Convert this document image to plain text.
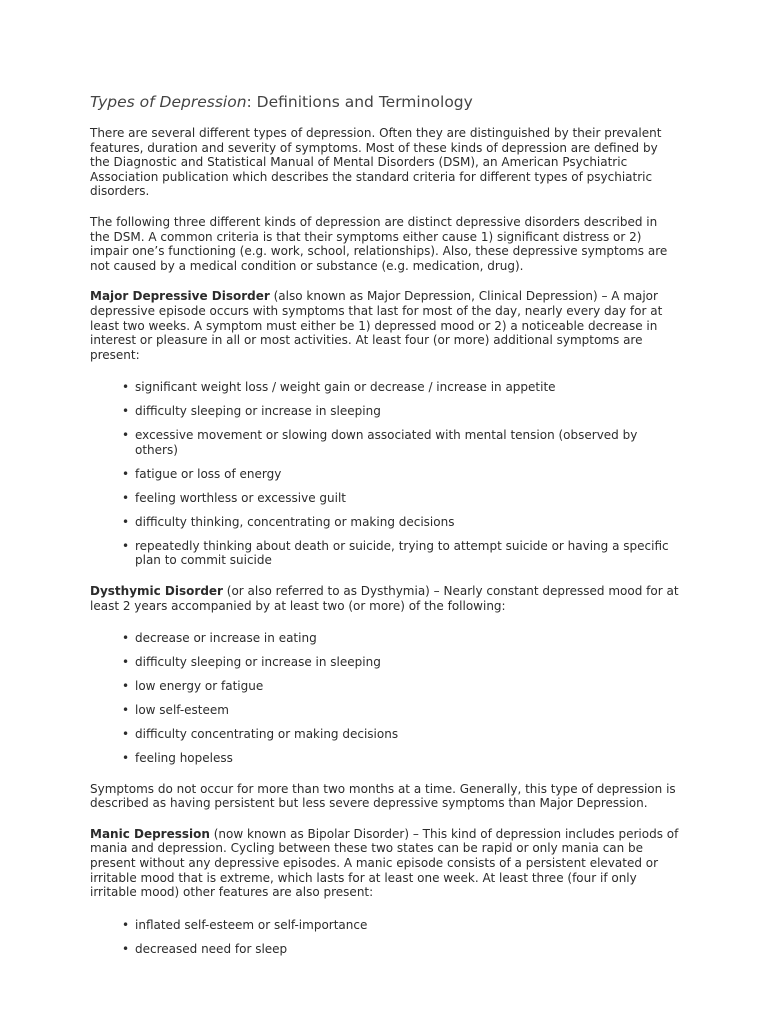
Types of Depression: Definitions and Terminology

There are several different types of depression. Often they are distinguished by their prevalent features, duration and severity of symptoms. Most of these kinds of depression are defined by the Diagnostic and Statistical Manual of Mental Disorders (DSM), an American Psychiatric Association publication which describes the standard criteria for different types of psychiatric disorders.

The following three different kinds of depression are distinct depressive disorders described in the DSM. A common criteria is that their symptoms either cause 1) significant distress or 2) impair one’s functioning (e.g. work, school, relationships). Also, these depressive symptoms are not caused by a medical condition or substance (e.g. medication, drug).

Major Depressive Disorder (also known as Major Depression, Clinical Depression) – A major depressive episode occurs with symptoms that last for most of the day, nearly every day for at least two weeks. A symptom must either be 1) depressed mood or 2) a noticeable decrease in interest or pleasure in all or most activities. At least four (or more) additional symptoms are present:

• significant weight loss / weight gain or decrease / increase in appetite
• difficulty sleeping or increase in sleeping
• excessive movement or slowing down associated with mental tension (observed by others)
• fatigue or loss of energy
• feeling worthless or excessive guilt
• difficulty thinking, concentrating or making decisions
• repeatedly thinking about death or suicide, trying to attempt suicide or having a specific plan to commit suicide

Dysthymic Disorder (or also referred to as Dysthymia) – Nearly constant depressed mood for at least 2 years accompanied by at least two (or more) of the following:

• decrease or increase in eating
• difficulty sleeping or increase in sleeping
• low energy or fatigue
• low self-esteem
• difficulty concentrating or making decisions
• feeling hopeless

Symptoms do not occur for more than two months at a time. Generally, this type of depression is described as having persistent but less severe depressive symptoms than Major Depression.

Manic Depression (now known as Bipolar Disorder) – This kind of depression includes periods of mania and depression. Cycling between these two states can be rapid or only mania can be present without any depressive episodes. A manic episode consists of a persistent elevated or irritable mood that is extreme, which lasts for at least one week. At least three (four if only irritable mood) other features are also present:

• inflated self-esteem or self-importance
• decreased need for sleep
